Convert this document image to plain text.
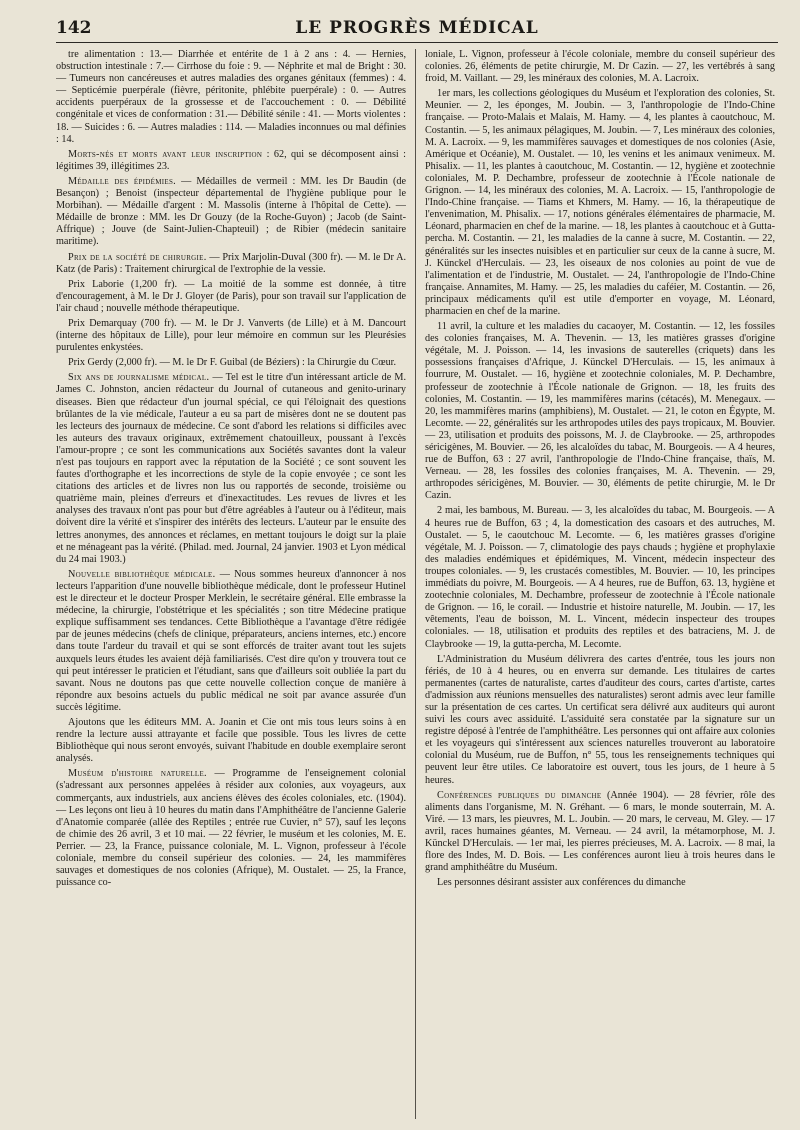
142	LE PROGRÈS MÉDICAL

tre alimentation : 13.— Diarrhée et entérite de 1 à 2 ans : 4. — Hernies, obstruction intestinale : 7.— Cirrhose du foie : 9. — Néphrite et mal de Bright : 30. — Tumeurs non cancéreuses et autres maladies des organes génitaux (femmes) : 4. — Septicémie puerpérale (fièvre, péritonite, phlébite puerpérale) : 0. — Autres accidents puerpéraux de la grossesse et de l'accouchement : 0. — Débilité congénitale et vices de conformation : 31.— Débilité sénile : 41. — Morts violentes : 18. — Suicides : 6. — Autres maladies : 114. — Maladies inconnues ou mal définies : 14.

Morts-nés et morts avant leur inscription : 62, qui se décomposent ainsi : légitimes 39, illégitimes 23.

Médaille des épidémies. — Médailles de vermeil : MM. les Dr Baudin (de Besançon) ; Benoist (inspecteur départemental de l'hygiène publique pour le Morbihan). — Médaille d'argent : M. Massolis (interne à l'hôpital de Cette). — Médaille de bronze : MM. les Dr Gouzy (de la Roche-Guyon) ; Jacob (de Saint-Affrique) ; Jouve (de Saint-Julien-Chapteuil) ; de Ribier (médecin sanitaire maritime).

Prix de la société de chirurgie. — Prix Marjolin-Duval (300 fr). — M. le Dr A. Katz (de Paris) : Traitement chirurgical de l'extrophie de la vessie.

Prix Laborie (1,200 fr). — La moitié de la somme est donnée, à titre d'encouragement, à M. le Dr J. Gloyer (de Paris), pour son travail sur l'application de l'air chaud ; nouvelle méthode thérapeutique.

Prix Demarquay (700 fr). — M. le Dr J. Vanverts (de Lille) et à M. Dancourt (interne des hôpitaux de Lille), pour leur mémoire en commun sur les Pleurésies purulentes enkystées.

Prix Gerdy (2,000 fr). — M. le Dr F. Guibal (de Béziers) : la Chirurgie du Cœur.

Six ans de journalisme médical. — Tel est le titre d'un intéressant article de M. James C. Johnston, ancien rédacteur du Journal of cutaneous and genito-urinary diseases. Bien que rédacteur d'un journal spécial, ce qui l'éloignait des questions brûlantes de la vie médicale, l'auteur a eu sa part de misères dont ne se doutent pas les lecteurs des journaux de médecine. Ce sont d'abord les relations si difficiles avec les auteurs des travaux originaux, extrêmement chatouilleux, poussant à l'excès l'amour-propre ; ce sont les communications aux Sociétés savantes dont la valeur n'est pas toujours en rapport avec la réputation de la Société ; ce sont souvent les fautes d'orthographe et les incorrections de style de la copie envoyée ; ce sont les citations des articles et de livres non lus ou rapportés de seconde, troisième ou quatrième main, pleines d'erreurs et d'inexactitudes. Les revues de livres et les analyses des travaux n'ont pas pour but d'être agréables à l'auteur ou à l'éditeur, mais doivent dire la vérité et s'inspirer des intérêts des lecteurs. L'auteur par le ensuite des lettres anonymes, des annonces et réclames, en mettant toujours le doigt sur la plaie et ne ménageant pas la vérité. (Philad. med. Journal, 24 janvier. 1903 et Lyon médical du 24 mai 1903.)

Nouvelle bibliothèque médicale. — Nous sommes heureux d'annoncer à nos lecteurs l'apparition d'une nouvelle bibliothèque médicale, dont le professeur Hutinel est le directeur et le docteur Prosper Merklein, le secrétaire général. Elle embrasse la médecine, la chirurgie, l'obstétrique et les spécialités ; son titre Médecine pratique explique suffisamment ses tendances. Cette Bibliothèque a l'avantage d'être rédigée par de jeunes médecins (chefs de clinique, préparateurs, anciens internes, etc.) encore dans toute l'ardeur du travail et qui se sont efforcés de traiter avant tout les sujets auxquels leurs études les avaient déjà familiarisés. C'est dire qu'on y trouvera tout ce qui peut intéresser le praticien et l'étudiant, sans que d'ailleurs soit oubliée la part du savant. Nous ne doutons pas que cette nouvelle collection conçue de manière à répondre aux besoins actuels du public médical ne soit par avance assurée d'un succès légitime.

Ajoutons que les éditeurs MM. A. Joanin et Cie ont mis tous leurs soins à en rendre la lecture aussi attrayante et facile que possible. Tous les livres de cette Bibliothèque qui nous seront envoyés, suivant l'habitude en double exemplaire seront analysés.

Muséum d'histoire naturelle. — Programme de l'enseignement colonial (s'adressant aux personnes appelées à résider aux colonies, aux voyageurs, aux commerçants, aux industriels, aux anciens élèves des écoles coloniales, etc. (1904). — Les leçons ont lieu à 10 heures du matin dans l'Amphithéâtre de l'ancienne Galerie d'Anatomie comparée (allée des Reptiles ; entrée rue Cuvier, n° 57), sauf les leçons de chimie des 26 avril, 3 et 10 mai. — 22 février, le muséum et les colonies, M. E. Perrier. — 23, la France, puissance coloniale, M. L. Vignon, professeur à l'école coloniale, membre du conseil supérieur des colonies. — 24, les mammifères sauvages et domestiques de nos colonies (Afrique), M. Oustalet. — 25, la France, puissance co-

loniale, L. Vignon, professeur à l'école coloniale, membre du conseil supérieur des colonies. 26, éléments de petite chirurgie, M. Dr Cazin. — 27, les vertébrés à sang froid, M. Vaillant. — 29, les minéraux des colonies, M. A. Lacroix.

1er mars, les collections géologiques du Muséum et l'exploration des colonies, St. Meunier. — 2, les éponges, M. Joubin. — 3, l'anthropologie de l'Indo-Chine française. — Proto-Malais et Malais, M. Hamy. — 4, les plantes à caoutchouc, M. Costantin. — 5, les animaux pélagiques, M. Joubin. — 7, Les minéraux des colonies, M. A. Lacroix. — 9, les mammifères sauvages et domestiques de nos colonies (Asie, Amérique et Océanie), M. Oustalet. — 10, les venins et les animaux venimeux. M. Phisalix. — 11, les plantes à caoutchouc, M. Costantin. — 12, hygiène et zootechnie coloniales, M. P. Dechambre, professeur de zootechnie à l'École nationale de Grignon. — 14, les minéraux des colonies, M. A. Lacroix. — 15, l'anthropologie de l'Indo-Chine française. — Tiams et Khmers, M. Hamy. — 16, la thérapeutique de l'envenimation, M. Phisalix. — 17, notions générales élémentaires de pharmacie, M. Léonard, pharmacien en chef de la marine. — 18, les plantes à caoutchouc et à Gutta-percha. M. Costantin. — 21, les maladies de la canne à sucre, M. Costantin. — 22, généralités sur les insectes nuisibles et en particulier sur ceux de la canne à sucre, M. J. Künckel d'Herculais. — 23, les oiseaux de nos colonies au point de vue de l'alimentation et de l'industrie, M. Oustalet. — 24, l'anthropologie de l'Indo-Chine française. Annamites, M. Hamy. — 25, les maladies du caféier, M. Costantin. — 26, principaux médicaments qu'il est utile d'emporter en voyage, M. Léonard, pharmacien en chef de la marine.

11 avril, la culture et les maladies du cacaoyer, M. Costantin. — 12, les fossiles des colonies françaises, M. A. Thevenin. — 13, les matières grasses d'origine végétale, M. J. Poisson. — 14, les invasions de sauterelles (criquets) dans les possessions françaises d'Afrique, J. Künckel D'Herculais. — 15, les animaux à fourrure, M. Oustalet. — 16, hygiène et zootechnie coloniales, M. P. Dechambre, professeur de zootechnie à l'École nationale de Grignon. — 18, les fruits des colonies, M. Costantin. — 19, les mammifères marins (cétacés), M. Menegaux. — 20, les mammifères marins (amphibiens), M. Oustalet. — 21, le coton en Égypte, M. Lecomte. — 22, généralités sur les arthropodes utiles des pays tropicaux, M. Bouvier. — 23, utilisation et produits des poissons, M. J. de Claybrooke. — 25, arthropodes séricigènes, M. Bouvier. — 26, les alcaloïdes du tabac, M. Bourgeois. — A 4 heures, rue de Buffon, 63 : 27 avril, l'anthropologie de l'Indo-Chine française, thaïs, M. Verneau. — 28, les fossiles des colonies françaises, M. A. Thevenin. — 29, arthropodes séricigènes, M. Bouvier. — 30, éléments de petite chirurgie, M. le Dr Cazin.

2 mai, les bambous, M. Bureau. — 3, les alcaloïdes du tabac, M. Bourgeois. — A 4 heures rue de Buffon, 63 ; 4, la domestication des casoars et des autruches, M. Oustalet. — 5, le caoutchouc M. Lecomte. — 6, les matières grasses d'origine végétale, M. J. Poisson. — 7, climatologie des pays chauds ; hygiène et prophylaxie des maladies endémiques et épidémiques, M. Vincent, médecin inspecteur des troupes coloniales. — 9, les crustacés comestibles, M. Bouvier. — 10, les principes immédiats du poivre, M. Bourgeois. — A 4 heures, rue de Buffon, 63. 13, hygiène et zootechnie coloniales, M. Dechambre, professeur de zootechnie à l'École nationale de Grignon. — 16, le corail. — Industrie et histoire naturelle, M. Joubin. — 17, les vêtements, l'eau de boisson, M. L. Vincent, médecin inspecteur des troupes coloniales. — 18, utilisation et produits des reptiles et des batraciens, M. J. de Claybrooke — 19, la gutta-percha, M. Lecomte.

L'Administration du Muséum délivrera des cartes d'entrée, tous les jours non fériés, de 10 à 4 heures, ou en enverra sur demande. Les titulaires de cartes permanentes (cartes de naturaliste, cartes d'auditeur des cours, cartes d'artiste, cartes d'admission aux réunions mensuelles des naturalistes) seront admis avec leur famille sur la présentation de ces cartes. Un certificat sera délivré aux auditeurs qui auront suivi les cours avec assiduité. L'assiduité sera constatée par la signature sur un registre déposé à l'entrée de l'amphithéâtre. Les personnes qui ont affaire aux colonies et les voyageurs qui s'intéressent aux sciences naturelles trouveront au laboratoire colonial du Muséum, rue de Buffon, n° 55, tous les renseignements techniques qui peuvent leur être utiles. Ce laboratoire est ouvert, tous les jours, de 1 heure à 5 heures.

Conférences publiques du dimanche (Année 1904). — 28 février, rôle des aliments dans l'organisme, M. N. Gréhant. — 6 mars, le monde souterrain, M. A. Viré. — 13 mars, les pieuvres, M. L. Joubin. — 20 mars, le cerveau, M. Gley. — 17 avril, races humaines géantes, M. Verneau. — 24 avril, la métamorphose, M. J. Künckel D'Herculais. — 1er mai, les pierres précieuses, M. A. Lacroix. — 8 mai, la flore des Indes, M. D. Bois. — Les conférences auront lieu à trois heures dans le grand amphithéâtre du Muséum.

Les personnes désirant assister aux conférences du dimanche
